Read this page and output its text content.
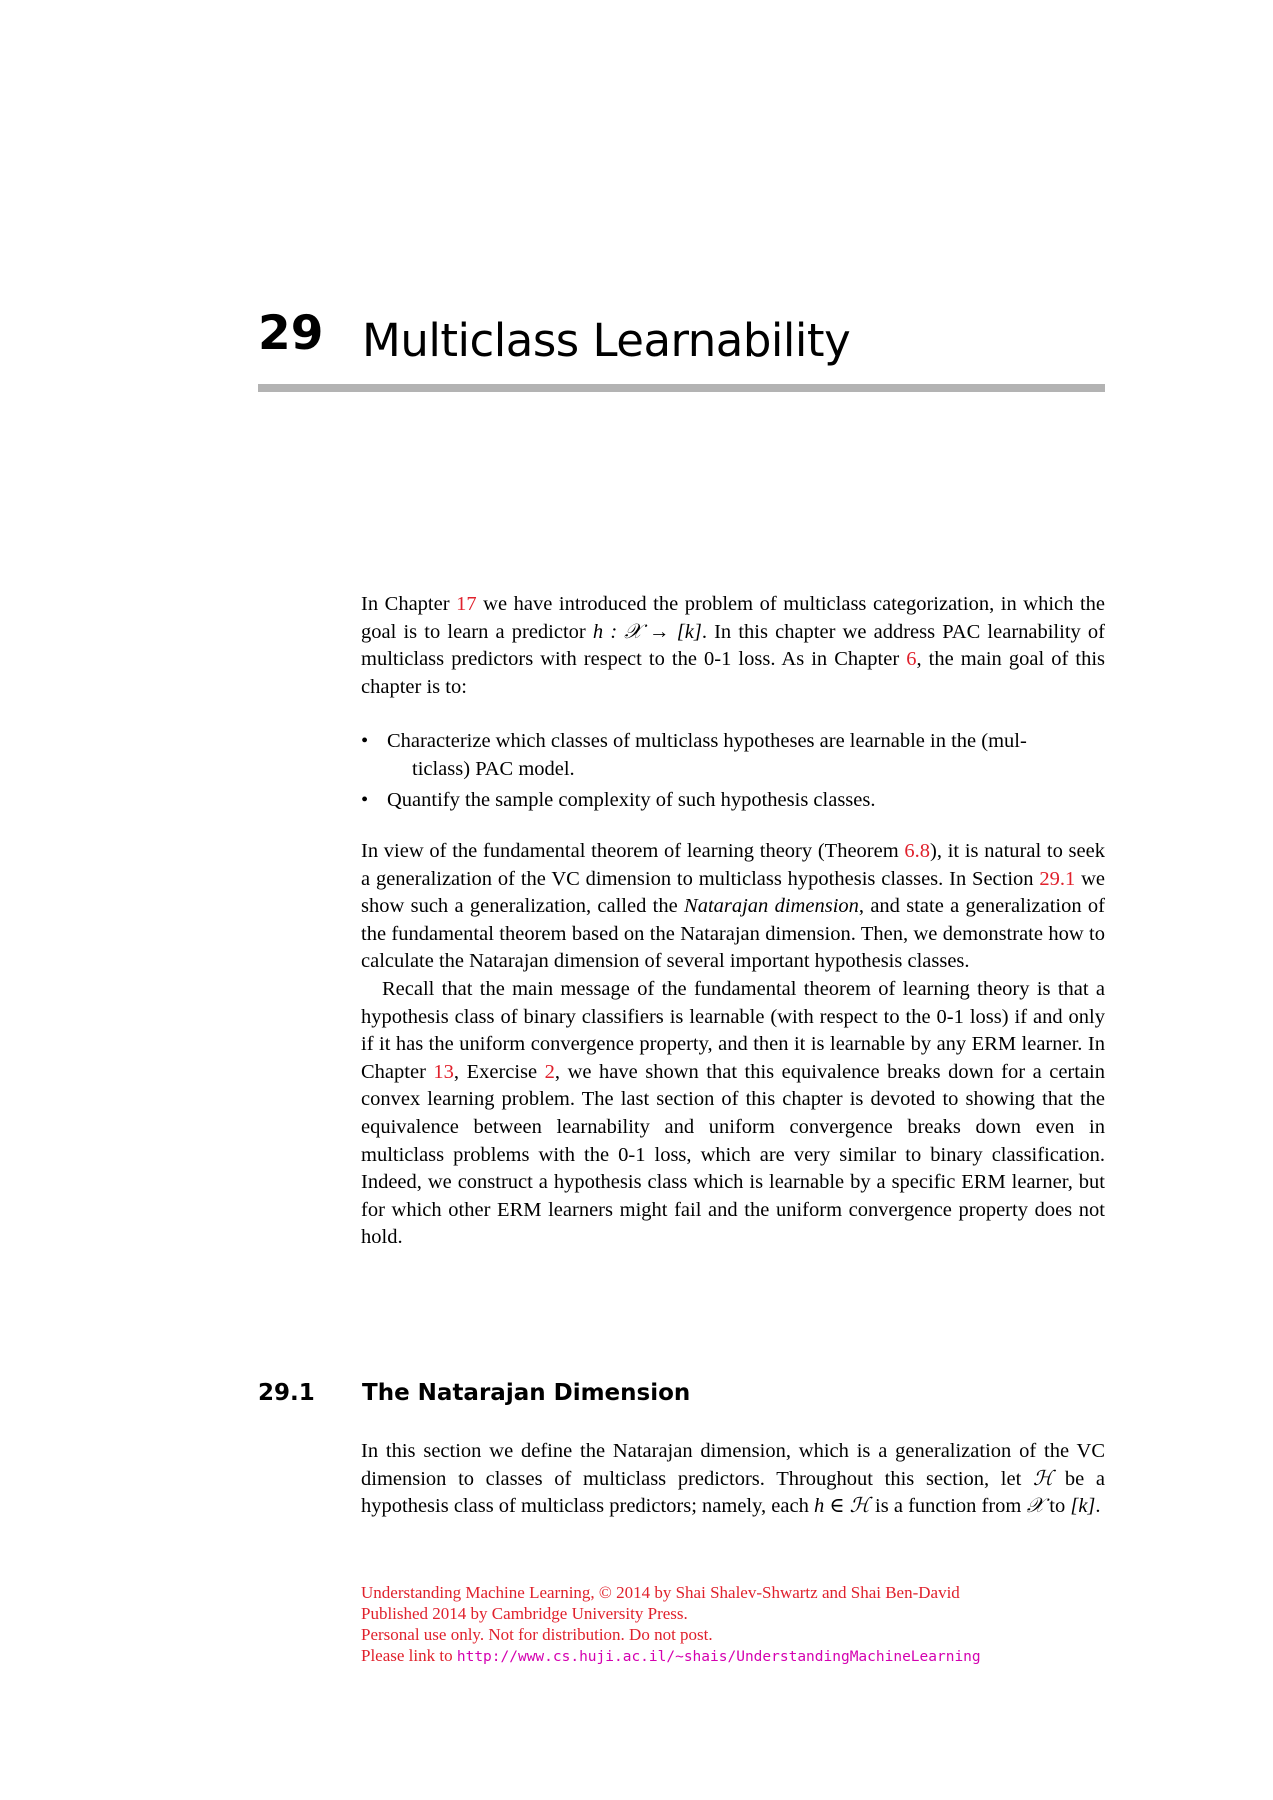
29 Multiclass Learnability

In Chapter 17 we have introduced the problem of multiclass categorization, in which the goal is to learn a predictor h : 𝒳 → [k]. In this chapter we address PAC learnability of multiclass predictors with respect to the 0-1 loss. As in Chapter 6, the main goal of this chapter is to:

• Characterize which classes of multiclass hypotheses are learnable in the (mul-
ticlass) PAC model.
• Quantify the sample complexity of such hypothesis classes.

In view of the fundamental theorem of learning theory (Theorem 6.8), it is natural to seek a generalization of the VC dimension to multiclass hypothesis classes. In Section 29.1 we show such a generalization, called the Natarajan dimension, and state a generalization of the fundamental theorem based on the Natarajan dimension. Then, we demonstrate how to calculate the Natarajan dimension of several important hypothesis classes.

Recall that the main message of the fundamental theorem of learning theory is that a hypothesis class of binary classifiers is learnable (with respect to the 0-1 loss) if and only if it has the uniform convergence property, and then it is learnable by any ERM learner. In Chapter 13, Exercise 2, we have shown that this equivalence breaks down for a certain convex learning problem. The last section of this chapter is devoted to showing that the equivalence between learnability and uniform convergence breaks down even in multiclass problems with the 0-1 loss, which are very similar to binary classification. Indeed, we construct a hypothesis class which is learnable by a specific ERM learner, but for which other ERM learners might fail and the uniform convergence property does not hold.

29.1 The Natarajan Dimension

In this section we define the Natarajan dimension, which is a generalization of the VC dimension to classes of multiclass predictors. Throughout this section, let ℋ be a hypothesis class of multiclass predictors; namely, each h ∈ ℋ is a function from 𝒳 to [k].

Understanding Machine Learning, © 2014 by Shai Shalev-Shwartz and Shai Ben-David
Published 2014 by Cambridge University Press.
Personal use only. Not for distribution. Do not post.
Please link to http://www.cs.huji.ac.il/~shais/UnderstandingMachineLearning
